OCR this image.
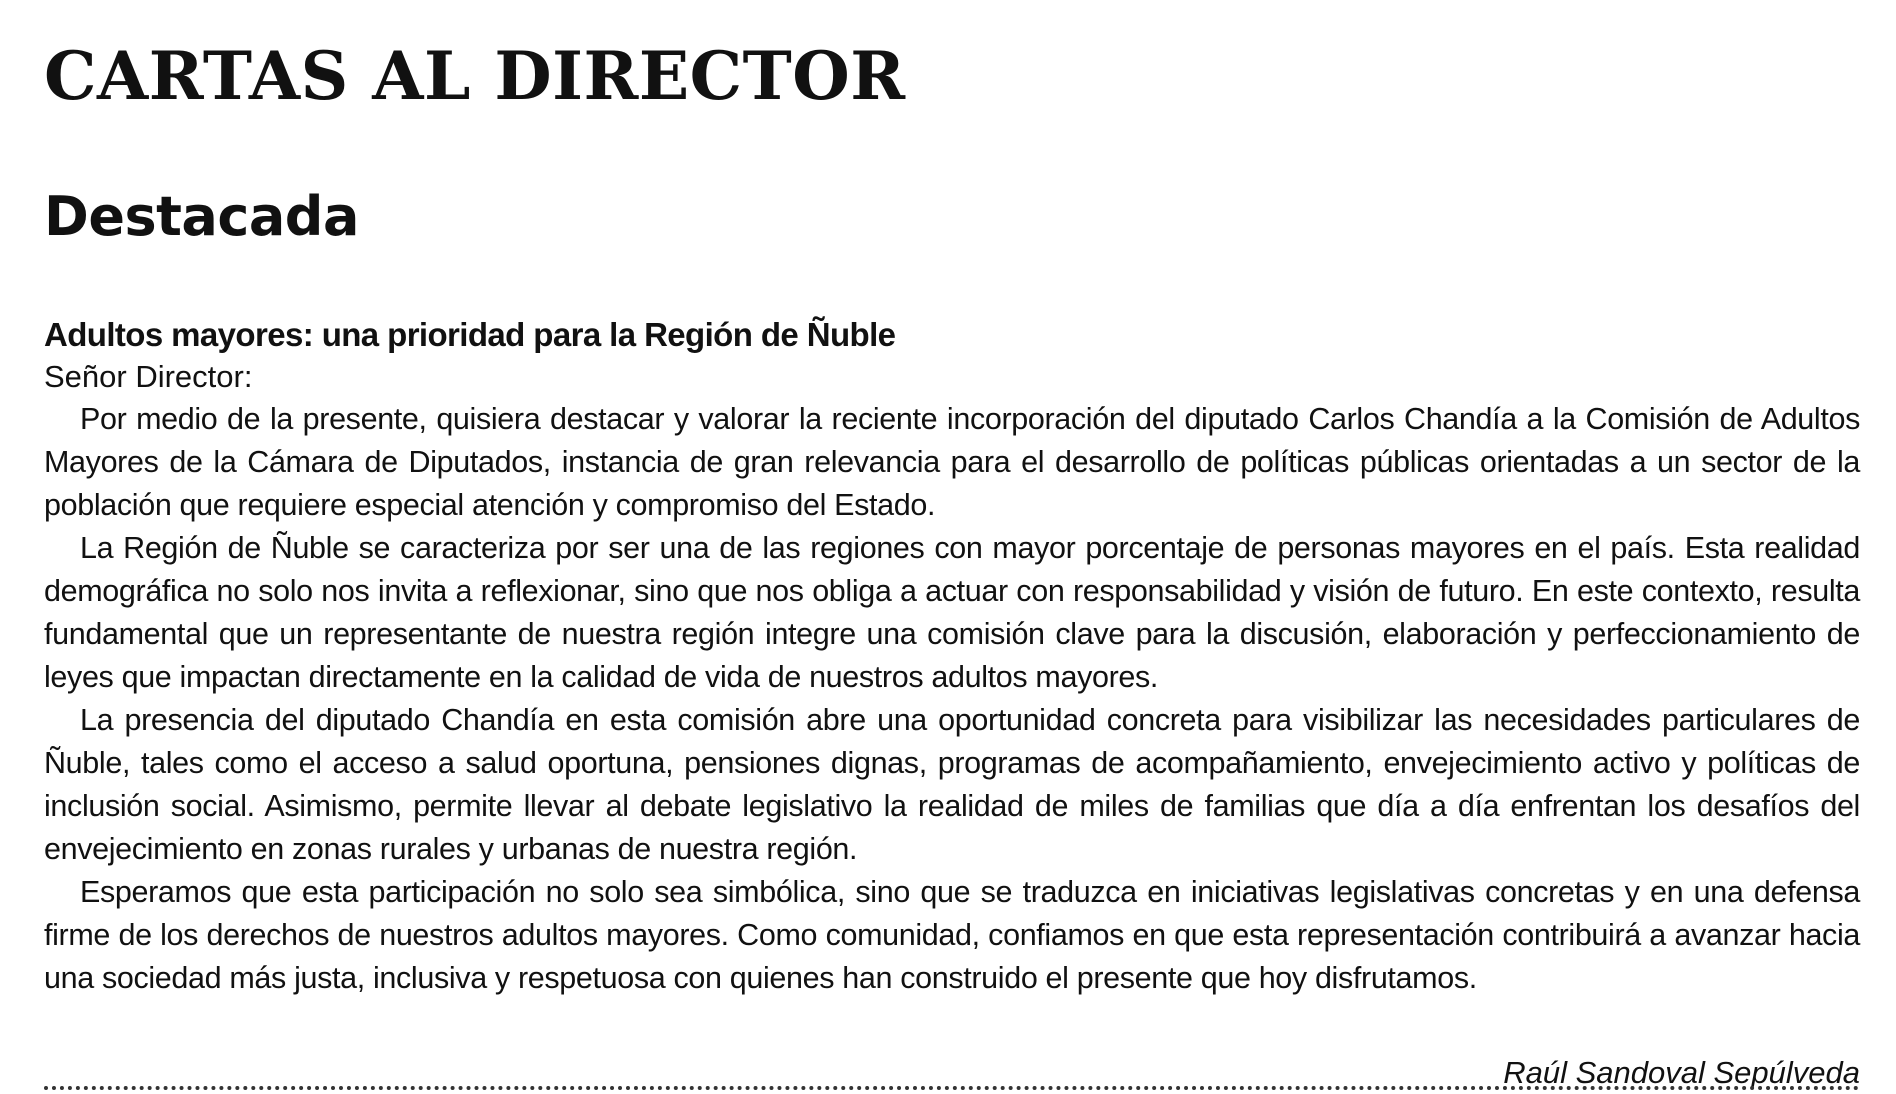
CARTAS AL DIRECTOR
Destacada
Adultos mayores: una prioridad para la Región de Ñuble

Señor Director:

Por medio de la presente, quisiera destacar y valorar la reciente incorporación del diputado Carlos Chandía a la Comisión de Adultos Mayores de la Cámara de Diputados, instancia de gran relevancia para el desarrollo de políticas públicas orientadas a un sector de la población que requiere especial atención y compromiso del Estado.

La Región de Ñuble se caracteriza por ser una de las regiones con mayor porcentaje de personas mayores en el país. Esta realidad demográfica no solo nos invita a reflexionar, sino que nos obliga a actuar con responsabilidad y visión de futuro. En este contexto, resulta fundamental que un representante de nuestra región integre una comisión clave para la discusión, elaboración y perfeccionamiento de leyes que impactan directamente en la calidad de vida de nuestros adultos mayores.

La presencia del diputado Chandía en esta comisión abre una oportunidad concreta para visibilizar las necesidades particulares de Ñuble, tales como el acceso a salud oportuna, pensiones dignas, programas de acompañamiento, envejecimiento activo y políticas de inclusión social. Asimismo, permite llevar al debate legislativo la realidad de miles de familias que día a día enfrentan los desafíos del envejecimiento en zonas rurales y urbanas de nuestra región.

Esperamos que esta participación no solo sea simbólica, sino que se traduzca en iniciativas legislativas concretas y en una defensa firme de los derechos de nuestros adultos mayores. Como comunidad, confiamos en que esta representación contribuirá a avanzar hacia una sociedad más justa, inclusiva y respetuosa con quienes han construido el presente que hoy disfrutamos.

Raúl Sandoval Sepúlveda
